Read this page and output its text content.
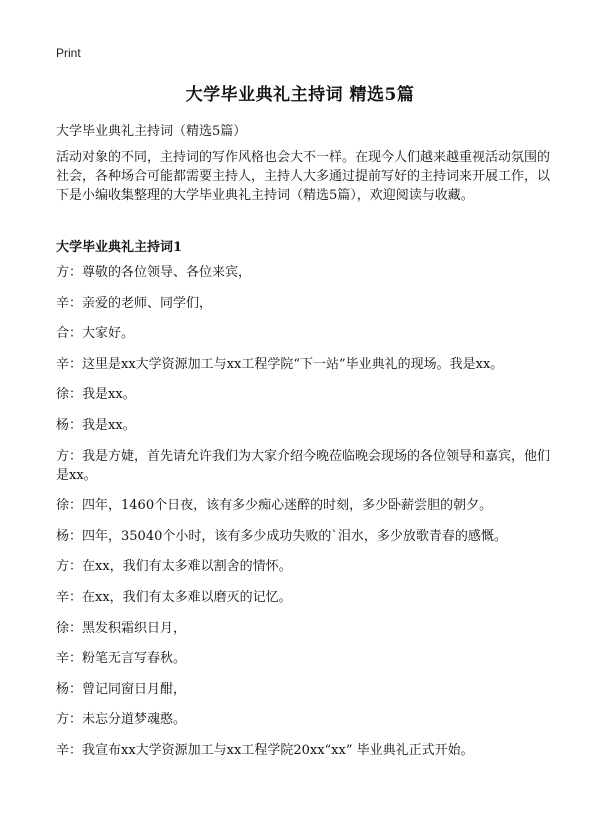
Print
大学毕业典礼主持词 精选5篇
大学毕业典礼主持词（精选5篇）

活动对象的不同，主持词的写作风格也会大不一样。在现今人们越来越重视活动氛围的社会，各种场合可能都需要主持人，主持人大多通过提前写好的主持词来开展工作，以下是小编收集整理的大学毕业典礼主持词（精选5篇），欢迎阅读与收藏。

大学毕业典礼主持词1
方：尊敬的各位领导、各位来宾，
辛：亲爱的老师、同学们，
合：大家好。
辛：这里是xx大学资源加工与xx工程学院“下一站”毕业典礼的现场。我是xx。
徐：我是xx。
杨：我是xx。
方：我是方婕，首先请允许我们为大家介绍今晚莅临晚会现场的各位领导和嘉宾，他们是xx。
徐：四年，1460个日夜，该有多少痴心迷醉的时刻，多少卧薪尝胆的朝夕。
杨：四年，35040个小时，该有多少成功失败的`泪水，多少放歌青春的感慨。
方：在xx，我们有太多难以割舍的情怀。
辛：在xx，我们有太多难以磨灭的记忆。
徐：黑发积霜织日月，
辛：粉笔无言写春秋。
杨：曾记同窗日月酣，
方：未忘分道梦魂憨。
辛：我宣布xx大学资源加工与xx工程学院20xx“xx” 毕业典礼正式开始。
